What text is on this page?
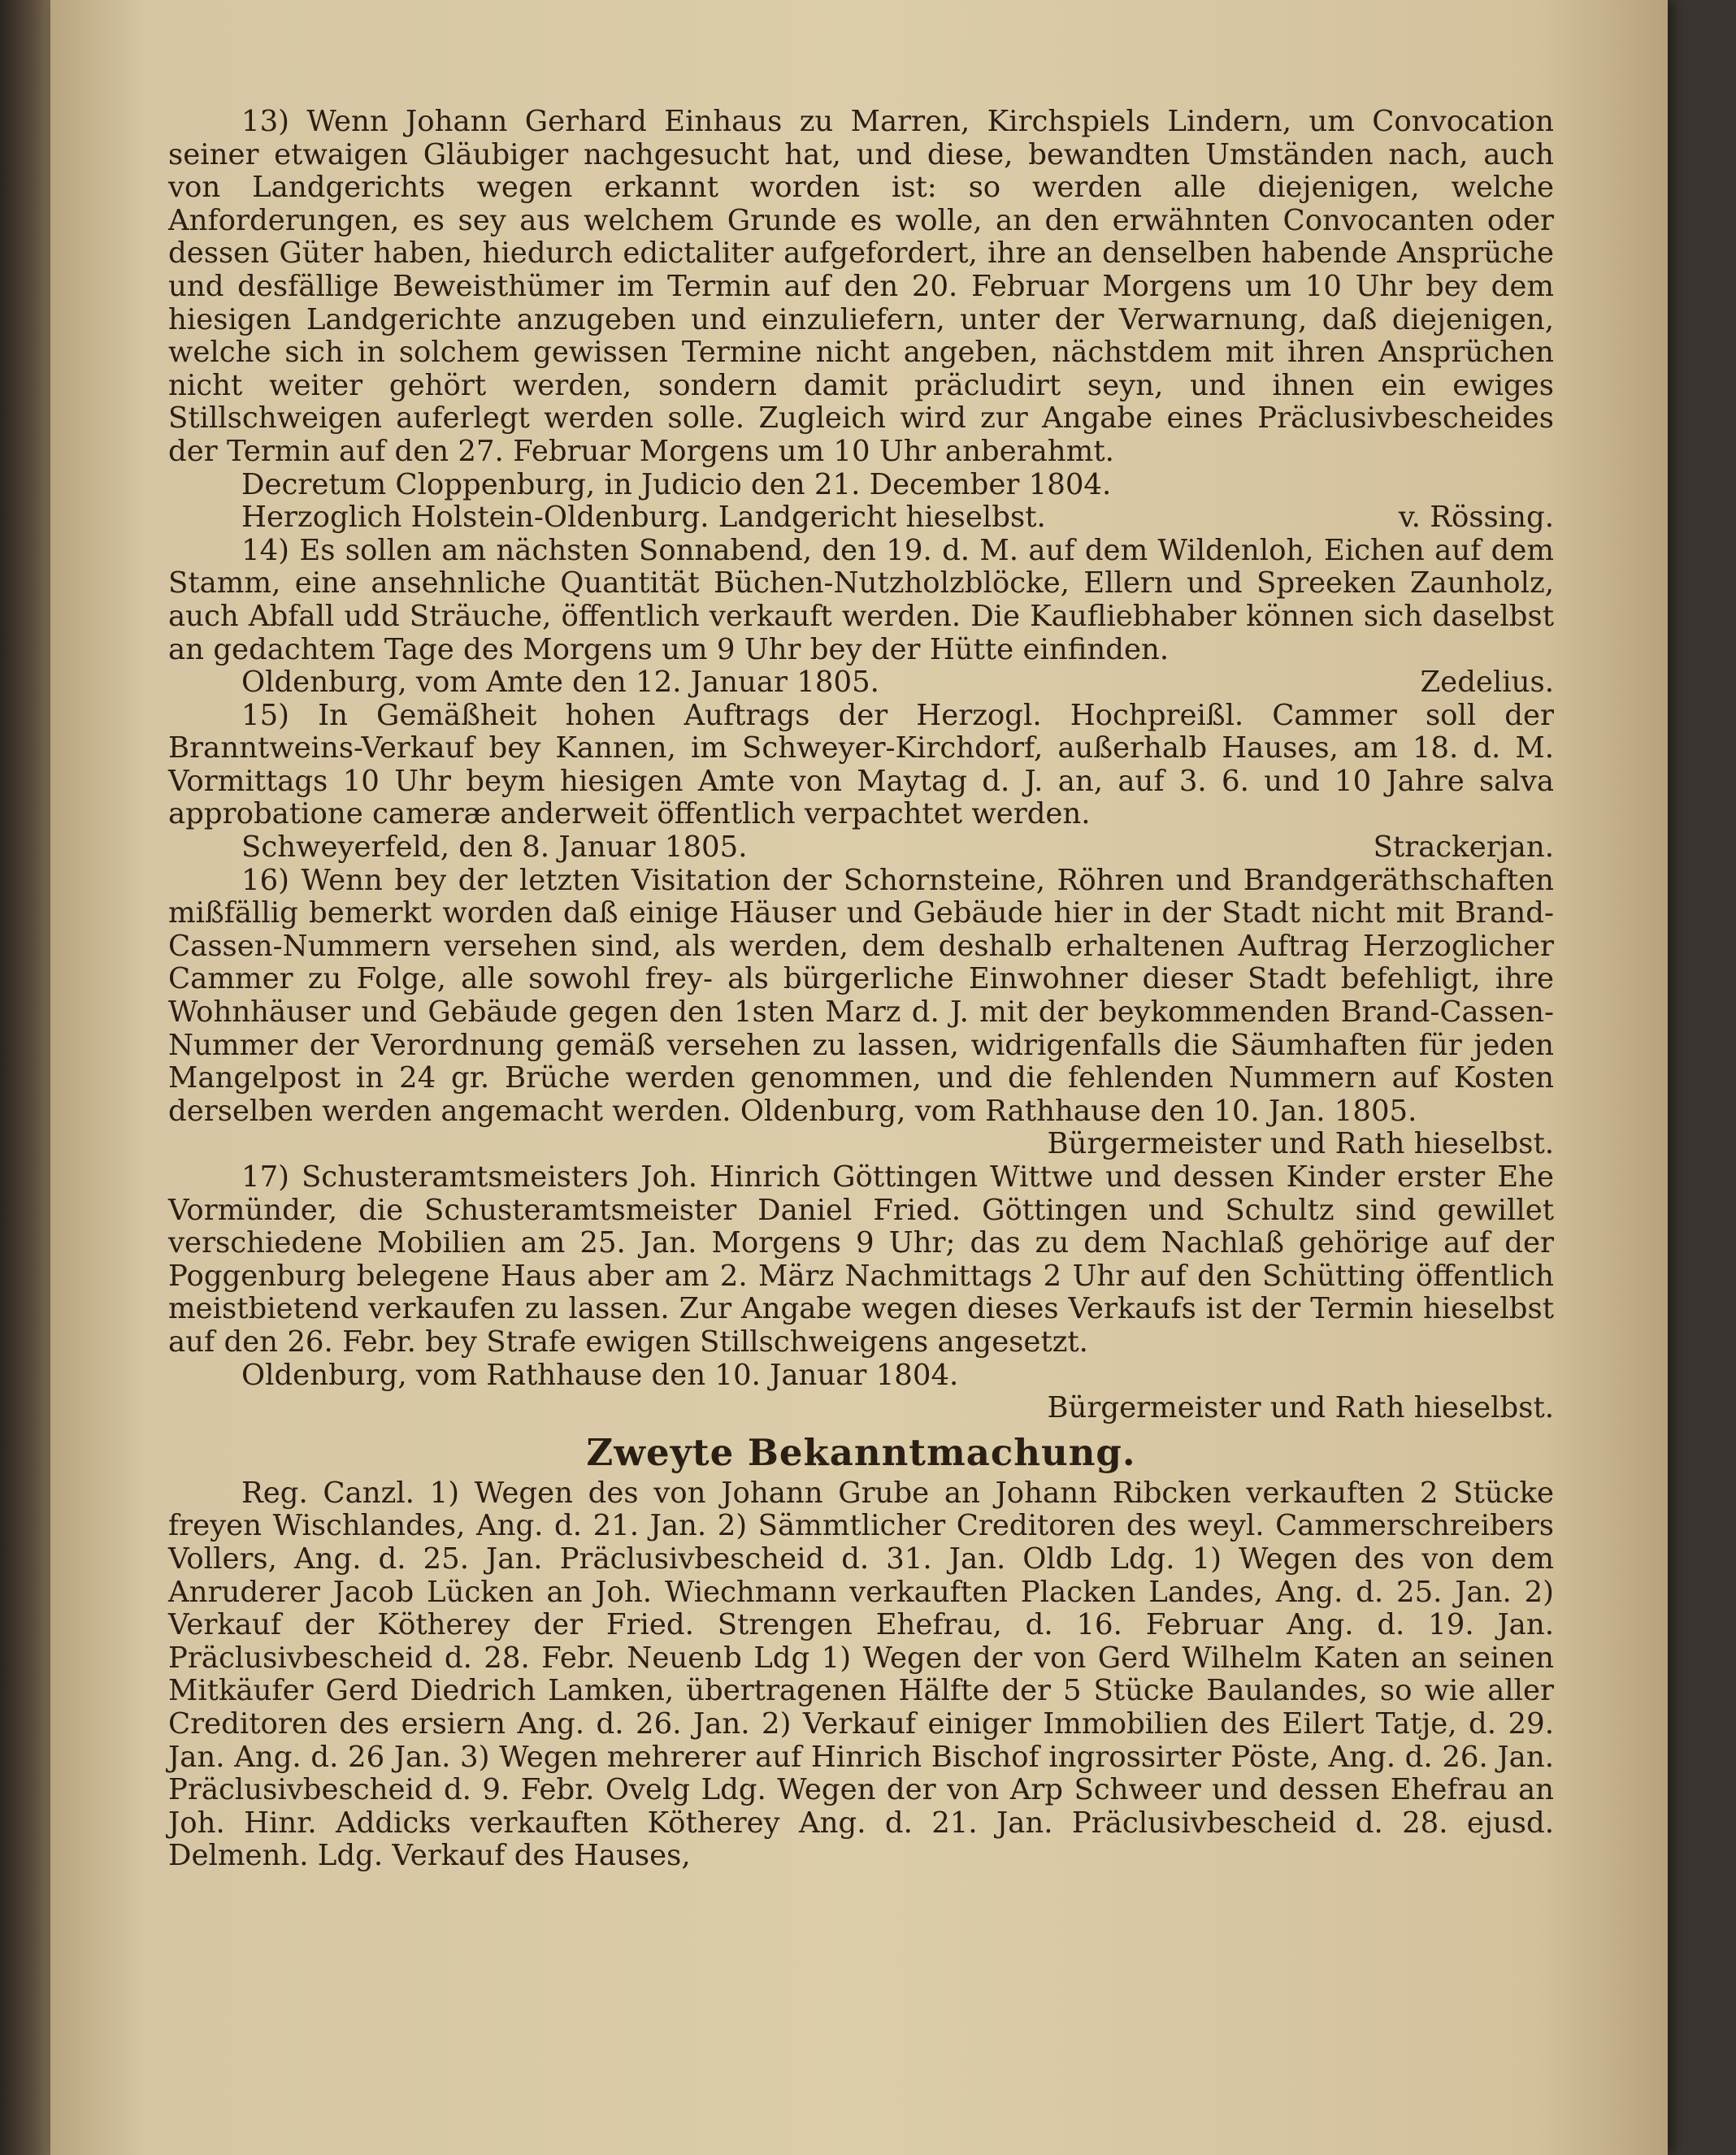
13) Wenn Johann Gerhard Einhaus zu Marren, Kirchspiels Lindern, um Convocation seiner etwaigen Gläubiger nachgesucht hat, und diese, bewandten Umständen nach, auch von Landgerichts wegen erkannt worden ist: so werden alle diejenigen, welche Anforderungen, es sey aus welchem Grunde es wolle, an den erwähnten Convocanten oder dessen Güter haben, hiedurch edictaliter aufgefordert, ihre an denselben habende Ansprüche und desfällige Beweisthümer im Termin auf den 20. Februar Morgens um 10 Uhr bey dem hiesigen Landgerichte anzugeben und einzuliefern, unter der Verwarnung, daß diejenigen, welche sich in solchem gewissen Termine nicht angeben, nächstdem mit ihren Ansprüchen nicht weiter gehört werden, sondern damit präcludirt seyn, und ihnen ein ewiges Stillschweigen auferlegt werden solle. Zugleich wird zur Angabe eines Präclusivbescheides der Termin auf den 27. Februar Morgens um 10 Uhr anberahmt.

Decretum Cloppenburg, in Judicio den 21. December 1804.

Herzoglich Holstein-Oldenburg. Landgericht hieselbst.	v. Rössing.

14) Es sollen am nächsten Sonnabend, den 19. d. M. auf dem Wildenloh, Eichen auf dem Stamm, eine ansehnliche Quantität Büchen-Nutzholzblöcke, Ellern und Spreeken Zaunholz, auch Abfall udd Sträuche, öffentlich verkauft werden. Die Kaufliebhaber können sich daselbst an gedachtem Tage des Morgens um 9 Uhr bey der Hütte einfinden.

Oldenburg, vom Amte den 12. Januar 1805.	Zedelius.

15) In Gemäßheit hohen Auftrags der Herzogl. Hochpreißl. Cammer soll der Branntweins-Verkauf bey Kannen, im Schweyer-Kirchdorf, außerhalb Hauses, am 18. d. M. Vormittags 10 Uhr beym hiesigen Amte von Maytag d. J. an, auf 3. 6. und 10 Jahre salva approbatione cameræ anderweit öffentlich verpachtet werden.

Schweyerfeld, den 8. Januar 1805.	Strackerjan.

16) Wenn bey der letzten Visitation der Schornsteine, Röhren und Brandgeräthschaften mißfällig bemerkt worden daß einige Häuser und Gebäude hier in der Stadt nicht mit Brand-Cassen-Nummern versehen sind, als werden, dem deshalb erhaltenen Auftrag Herzoglicher Cammer zu Folge, alle sowohl frey- als bürgerliche Einwohner dieser Stadt befehligt, ihre Wohnhäuser und Gebäude gegen den 1sten Marz d. J. mit der beykommenden Brand-Cassen-Nummer der Verordnung gemäß versehen zu lassen, widrigenfalls die Säumhaften für jeden Mangelpost in 24 gr. Brüche werden genommen, und die fehlenden Nummern auf Kosten derselben werden angemacht werden. Oldenburg, vom Rathhause den 10. Jan. 1805.

Bürgermeister und Rath hieselbst.

17) Schusteramtsmeisters Joh. Hinrich Göttingen Wittwe und dessen Kinder erster Ehe Vormünder, die Schusteramtsmeister Daniel Fried. Göttingen und Schultz sind gewillet verschiedene Mobilien am 25. Jan. Morgens 9 Uhr; das zu dem Nachlaß gehörige auf der Poggenburg belegene Haus aber am 2. März Nachmittags 2 Uhr auf den Schütting öffentlich meistbietend verkaufen zu lassen. Zur Angabe wegen dieses Verkaufs ist der Termin hieselbst auf den 26. Febr. bey Strafe ewigen Stillschweigens angesetzt.

Oldenburg, vom Rathhause den 10. Januar 1804.

Bürgermeister und Rath hieselbst.

Zweyte Bekanntmachung.

Reg. Canzl. 1) Wegen des von Johann Grube an Johann Ribcken verkauften 2 Stücke freyen Wischlandes, Ang. d. 21. Jan. 2) Sämmtlicher Creditoren des weyl. Cammerschreibers Vollers, Ang. d. 25. Jan. Präclusivbescheid d. 31. Jan. Oldb Ldg. 1) Wegen des von dem Anruderer Jacob Lücken an Joh. Wiechmann verkauften Placken Landes, Ang. d. 25. Jan. 2) Verkauf der Kötherey der Fried. Strengen Ehefrau, d. 16. Februar Ang. d. 19. Jan. Präclusivbescheid d. 28. Febr. Neuenb Ldg 1) Wegen der von Gerd Wilhelm Katen an seinen Mitkäufer Gerd Diedrich Lamken, übertragenen Hälfte der 5 Stücke Baulandes, so wie aller Creditoren des ersiern Ang. d. 26. Jan. 2) Verkauf einiger Immobilien des Eilert Tatje, d. 29. Jan. Ang. d. 26 Jan. 3) Wegen mehrerer auf Hinrich Bischof ingrossirter Pöste, Ang. d. 26. Jan. Präclusivbescheid d. 9. Febr. Ovelg Ldg. Wegen der von Arp Schweer und dessen Ehefrau an Joh. Hinr. Addicks verkauften Kötherey Ang. d. 21. Jan. Präclusivbescheid d. 28. ejusd. Delmenh. Ldg. Verkauf des Hauses,
